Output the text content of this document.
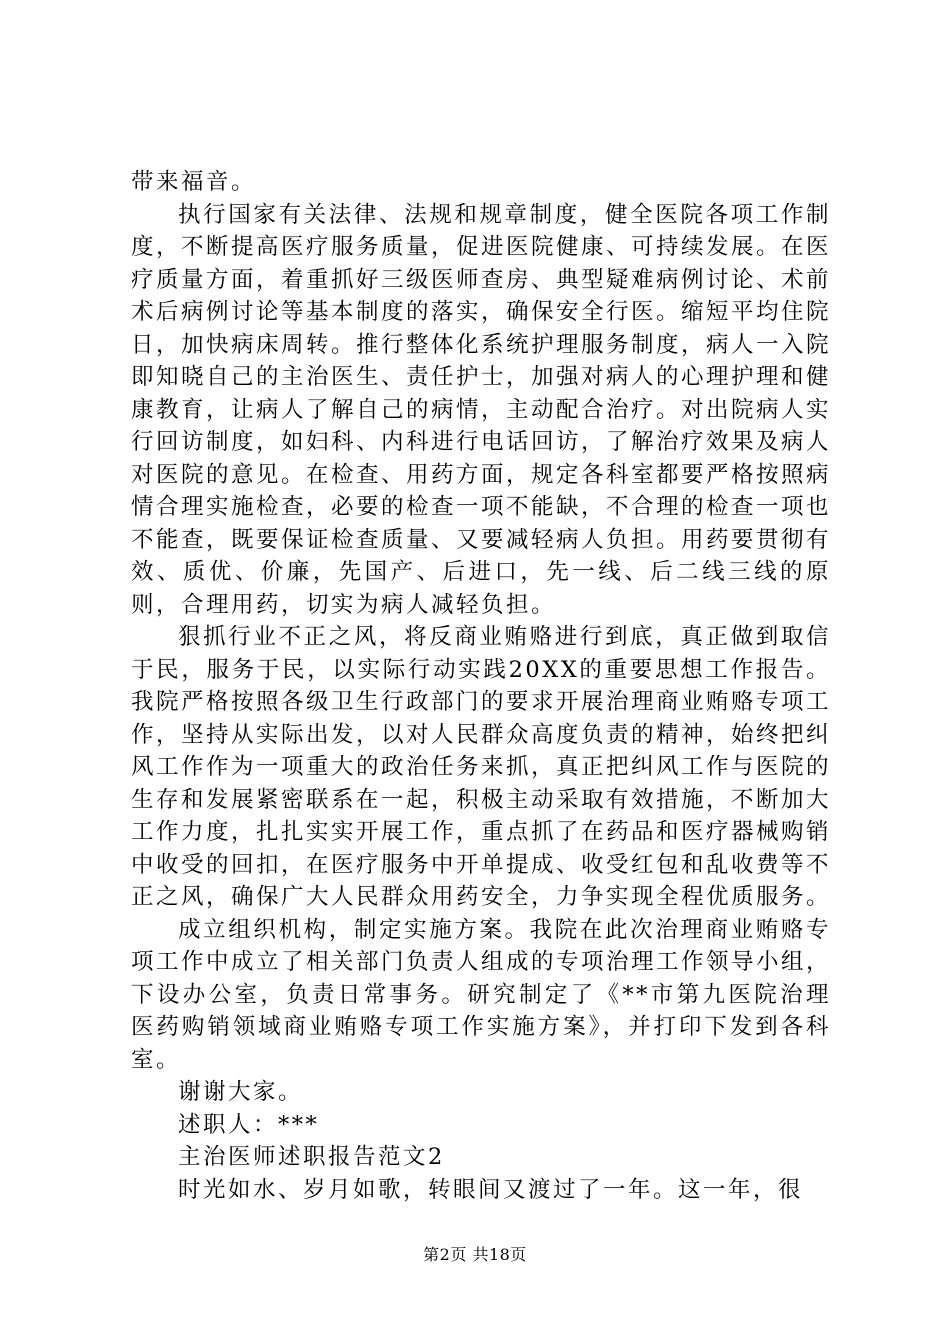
带来福音。

执行国家有关法律、法规和规章制度，健全医院各项工作制度，不断提高医疗服务质量，促进医院健康、可持续发展。在医疗质量方面，着重抓好三级医师查房、典型疑难病例讨论、术前术后病例讨论等基本制度的落实，确保安全行医。缩短平均住院日，加快病床周转。推行整体化系统护理服务制度，病人一入院即知晓自己的主治医生、责任护士，加强对病人的心理护理和健康教育，让病人了解自己的病情，主动配合治疗。对出院病人实行回访制度，如妇科、内科进行电话回访，了解治疗效果及病人对医院的意见。在检查、用药方面，规定各科室都要严格按照病情合理实施检查，必要的检查一项不能缺，不合理的检查一项也不能查，既要保证检查质量、又要减轻病人负担。用药要贯彻有效、质优、价廉，先国产、后进口，先一线、后二线三线的原则，合理用药，切实为病人减轻负担。

狠抓行业不正之风，将反商业贿赂进行到底，真正做到取信于民，服务于民，以实际行动实践20XX的重要思想工作报告。我院严格按照各级卫生行政部门的要求开展治理商业贿赂专项工作，坚持从实际出发，以对人民群众高度负责的精神，始终把纠风工作作为一项重大的政治任务来抓，真正把纠风工作与医院的生存和发展紧密联系在一起，积极主动采取有效措施，不断加大工作力度，扎扎实实开展工作，重点抓了在药品和医疗器械购销中收受的回扣，在医疗服务中开单提成、收受红包和乱收费等不正之风，确保广大人民群众用药安全，力争实现全程优质服务。

成立组织机构，制定实施方案。我院在此次治理商业贿赂专项工作中成立了相关部门负责人组成的专项治理工作领导小组，下设办公室，负责日常事务。研究制定了《**市第九医院治理医药购销领域商业贿赂专项工作实施方案》，并打印下发到各科室。

谢谢大家。

述职人：***

主治医师述职报告范文2

时光如水、岁月如歌，转眼间又渡过了一年。这一年，很

第2页 共18页
